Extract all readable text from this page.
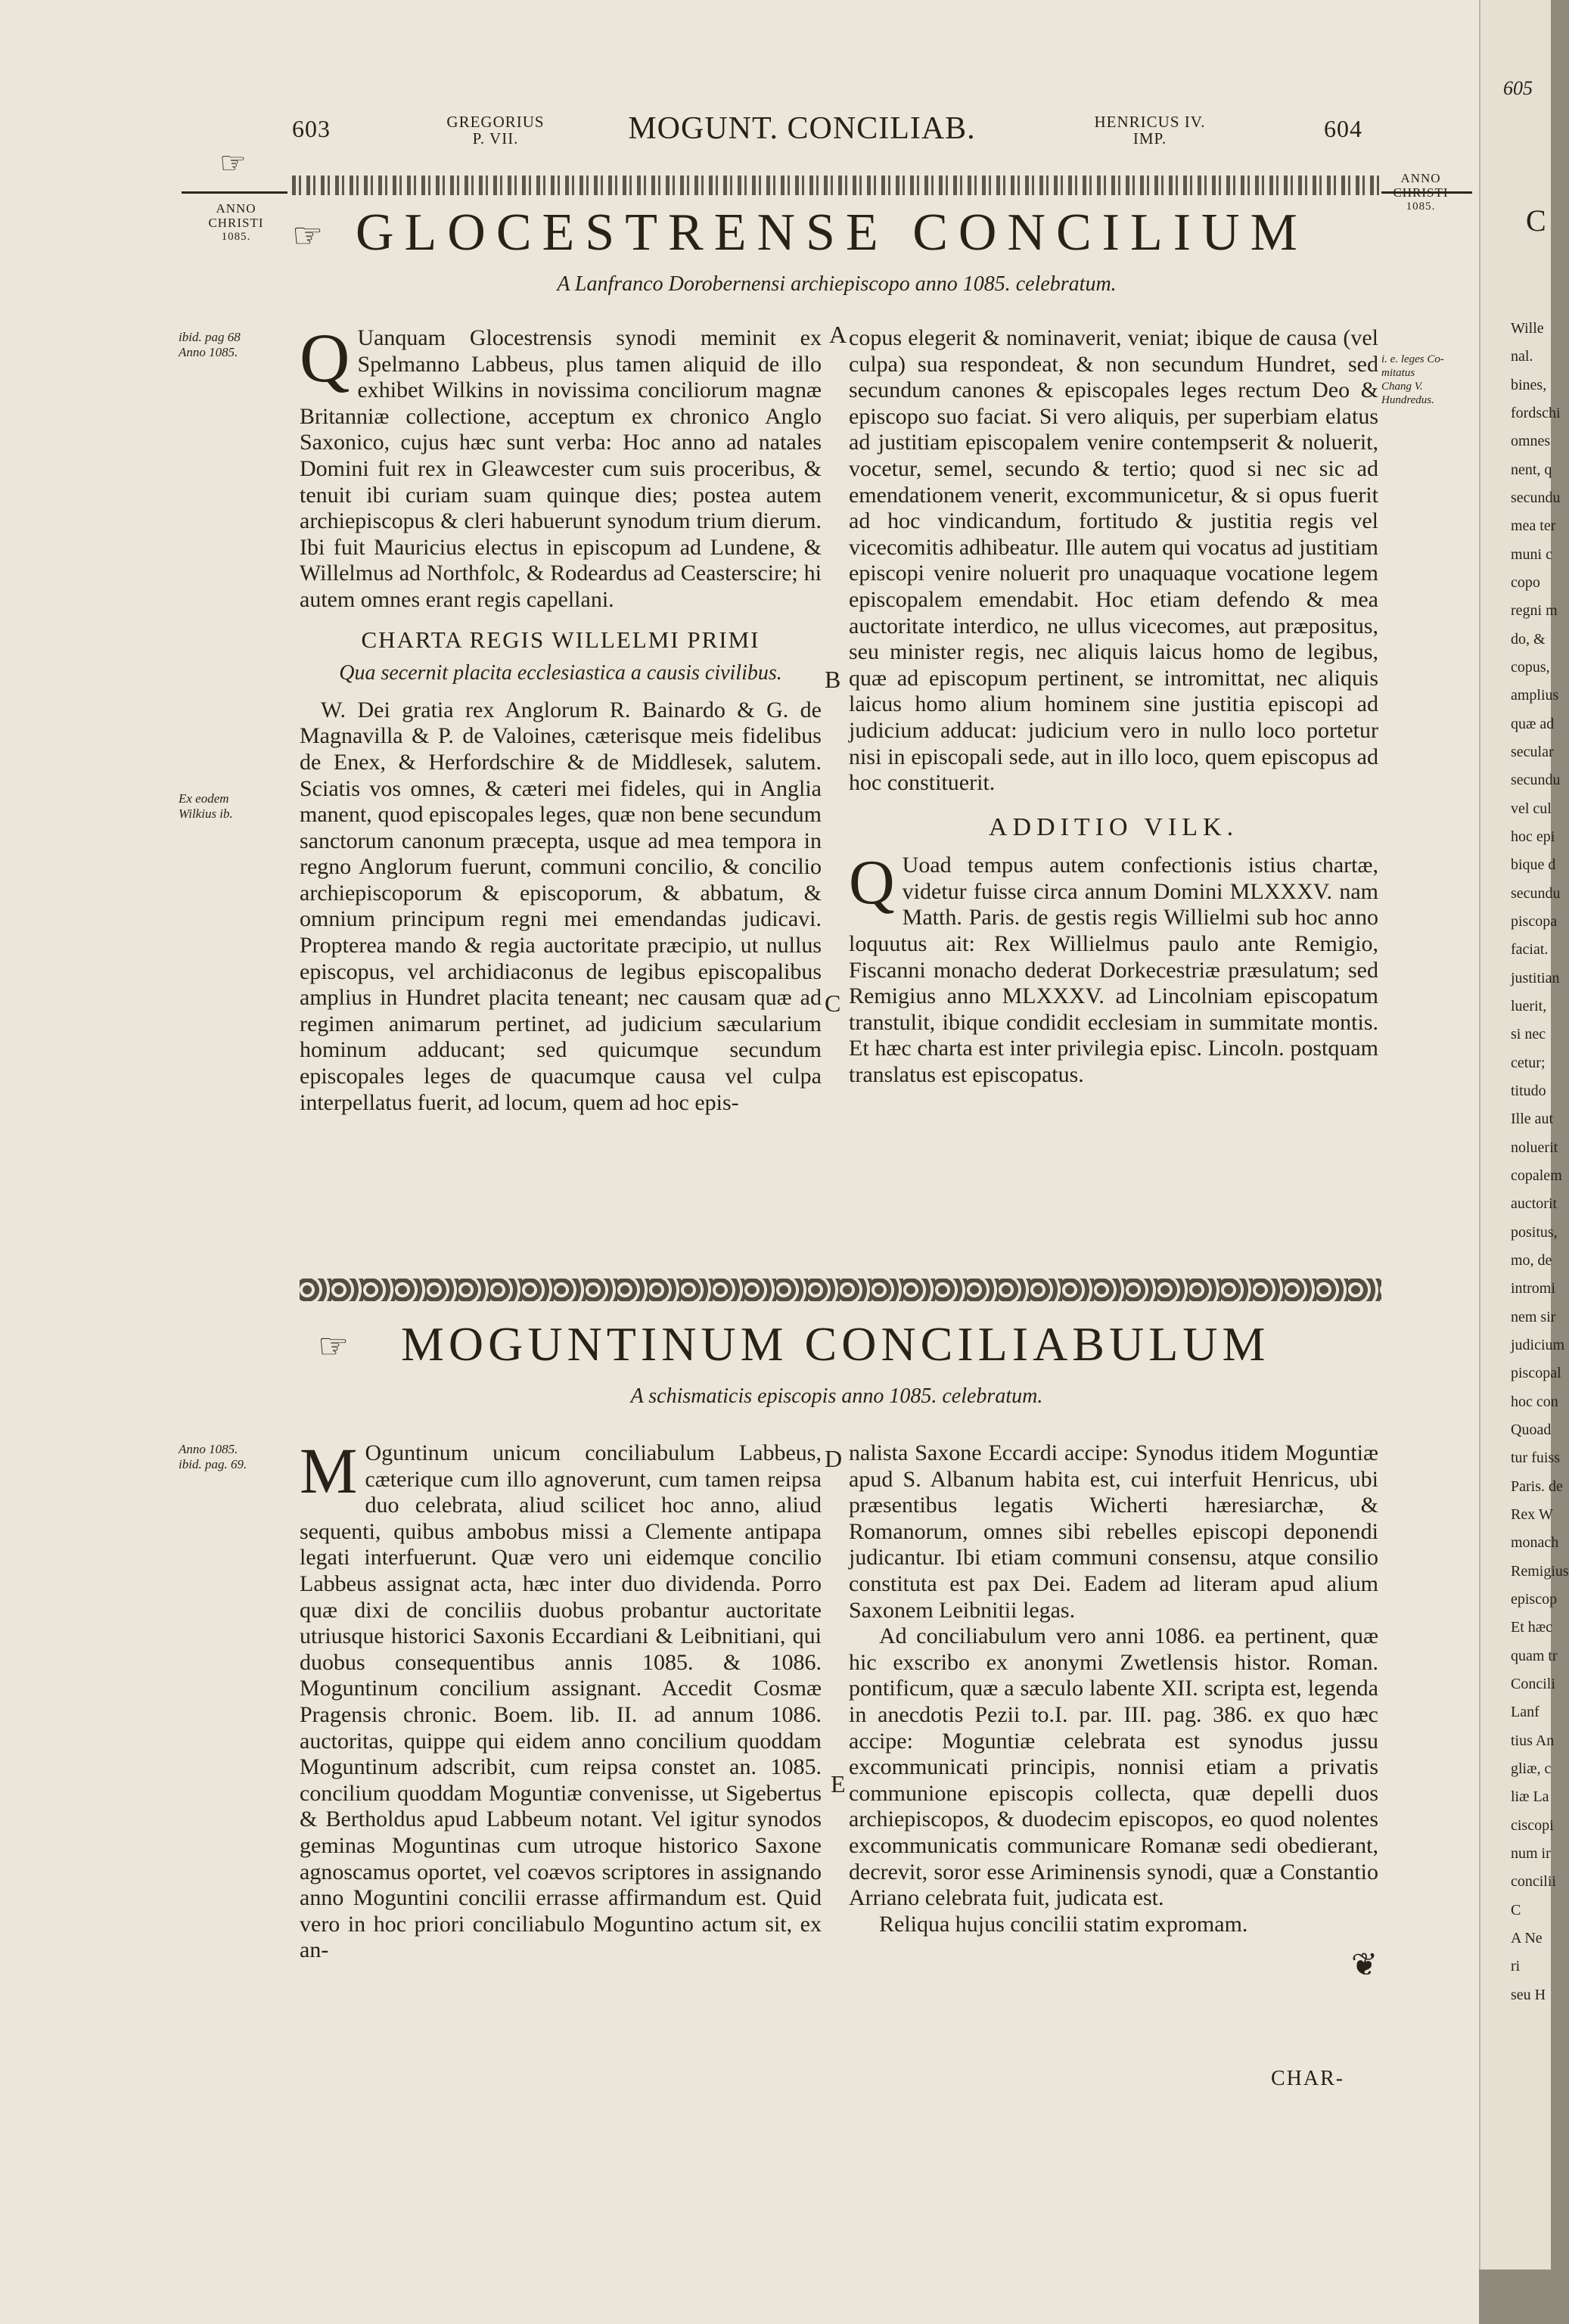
603	GREGORIUS
P. VII.	MOGUNT. CONCILIAB.	HENRICUS IV.
IMP.	604
☞
ANNO
CHRISTI
1085.
ANNO
CHRISTI
1085.
☞ GLOCESTRENSE CONCILIUM
A Lanfranco Dorobernensi archiepiscopo anno 1085. celebratum.
ibid. pag 68
Anno 1085.
Ex eodem
Wilkius ib.
i. e. leges Co-
mitatus
Chang V.
Hundredus.

Q Uanquam Glocestrensis synodi meminit ex Spelmanno Labbeus, plus tamen aliquid de illo exhibet Wilkins in novissima conciliorum magnæ Britanniæ collectione, acceptum ex chronico Anglo Saxonico, cujus hæc sunt verba: Hoc anno ad natales Domini fuit rex in Gleawcester cum suis proceribus, & tenuit ibi curiam suam quinque dies; postea autem archiepiscopus & cleri habuerunt synodum trium dierum. Ibi fuit Mauricius electus in episcopum ad Lundene, & Willelmus ad Northfolc, & Rodeardus ad Ceasterscire; hi autem omnes erant regis capellani.

CHARTA REGIS WILLELMI PRIMI
Qua secernit placita ecclesiastica a causis civilibus.

W. Dei gratia rex Anglorum R. Bainardo & G. de Magnavilla & P. de Valoines, cæterisque meis fidelibus de Enex, & Herfordschire & de Middlesek, salutem. Sciatis vos omnes, & cæteri mei fideles, qui in Anglia manent, quod episcopales leges, quæ non bene secundum sanctorum canonum præcepta, usque ad mea tempora in regno Anglorum fuerunt, communi concilio, & concilio archiepiscoporum & episcoporum, & abbatum, & omnium principum regni mei emendandas judicavi. Propterea mando & regia auctoritate præcipio, ut nullus episcopus, vel archidiaconus de legibus episcopalibus amplius in Hundret placita teneant; nec causam quæ ad regimen animarum pertinet, ad judicium sæcularium hominum adducant; sed quicumque secundum episcopales leges de quacumque causa vel culpa interpellatus fuerit, ad locum, quem ad hoc epis-

copus elegerit & nominaverit, veniat; ibique de causa (vel culpa) sua respondeat, & non secundum Hundret, sed secundum canones & episcopales leges rectum Deo & episcopo suo faciat. Si vero aliquis, per superbiam elatus ad justitiam episcopalem venire contempserit & noluerit, vocetur, semel, secundo & tertio; quod si nec sic ad emendationem venerit, excommunicetur, & si opus fuerit ad hoc vindicandum, fortitudo & justitia regis vel vicecomitis adhibeatur. Ille autem qui vocatus ad justitiam episcopi venire noluerit pro unaquaque vocatione legem episcopalem emendabit. Hoc etiam defendo & mea auctoritate interdico, ne ullus vicecomes, aut præpositus, seu minister regis, nec aliquis laicus homo de legibus, quæ ad episcopum pertinent, se intromittat, nec aliquis laicus homo alium hominem sine justitia episcopi ad judicium adducat: judicium vero in nullo loco portetur nisi in episcopali sede, aut in illo loco, quem episcopus ad hoc constituerit.

ADDITIO VILK.

Q Uoad tempus autem confectionis istius chartæ, videtur fuisse circa annum Domini MLXXXV. nam Matth. Paris. de gestis regis Willielmi sub hoc anno loquutus ait: Rex Willielmus paulo ante Remigio, Fiscanni monacho dederat Dorkecestriæ præsulatum; sed Remigius anno MLXXXV. ad Lincolniam episcopatum transtulit, ibique condidit ecclesiam in summitate montis. Et hæc charta est inter privilegia episc. Lincoln. postquam translatus est episcopatus.

A
B
C
D
E
☞ MOGUNTINUM CONCILIABULUM
A schismaticis episcopis anno 1085. celebratum.
Anno 1085.
ibid. pag. 69. M Oguntinum unicum conciliabulum Labbeus, cæterique cum illo agnoverunt, cum tamen reipsa duo celebrata, aliud scilicet hoc anno, aliud sequenti, quibus ambobus missi a Clemente antipapa legati interfuerunt. Quæ vero uni eidemque concilio Labbeus assignat acta, hæc inter duo dividenda. Porro quæ dixi de conciliis duobus probantur auctoritate utriusque historici Saxonis Eccardiani & Leibnitiani, qui duobus consequentibus annis 1085. & 1086. Moguntinum concilium assignant. Accedit Cosmæ Pragensis chronic. Boem. lib. II. ad annum 1086. auctoritas, quippe qui eidem anno concilium quoddam Moguntinum adscribit, cum reipsa constet an. 1085. concilium quoddam Moguntiæ convenisse, ut Sigebertus & Bertholdus apud Labbeum notant. Vel igitur synodos geminas Moguntinas cum utroque historico Saxone agnoscamus oportet, vel coævos scriptores in assignando anno Moguntini concilii errasse affirmandum est. Quid vero in hoc priori conciliabulo Moguntino actum sit, ex an-

nalista Saxone Eccardi accipe: Synodus itidem Moguntiæ apud S. Albanum habita est, cui interfuit Henricus, ubi præsentibus legatis Wicherti hæresiarchæ, & Romanorum, omnes sibi rebelles episcopi deponendi judicantur. Ibi etiam communi consensu, atque consilio constituta est pax Dei. Eadem ad literam apud alium Saxonem Leibnitii legas.

Ad conciliabulum vero anni 1086. ea pertinent, quæ hic exscribo ex anonymi Zwetlensis histor. Roman. pontificum, quæ a sæculo labente XII. scripta est, legenda in anecdotis Pezii to.I. par. III. pag. 386. ex quo hæc accipe: Moguntiæ celebrata est synodus jussu excommunicati principis, nonnisi etiam a privatis communione episcopis collecta, quæ depelli duos archiepiscopos, & duodecim episcopos, eo quod nolentes excommunicatis communicare Romanæ sedi obedierant, decrevit, soror esse Ariminensis synodi, quæ a Constantio Arriano celebrata fuit, judicata est.

Reliqua hujus concilii statim expromam.

❦
CHAR-
605
C
Wille
nal.
bines,
fordschi
omnes
nent, q
secundu
mea ter
muni c
copo
regni m
do, &
copus,
amplius
quæ ad
secular
secundu
vel cul
hoc epi
bique d
secundu
piscopa
faciat.
justitian
luerit,
si nec
cetur;
titudo
Ille aut
noluerit
copalem
auctorit
positus,
mo, de
intromi
nem sir
judicium
piscopal
hoc con
Quoad
tur fuiss
Paris. de
Rex W
monach
Remigius
episcop
Et hæc
quam tr
Concili
Lanf
tius An
gliæ, c
liæ La
ciscopi
num ir
concilii
C
A Ne
ri
seu H
